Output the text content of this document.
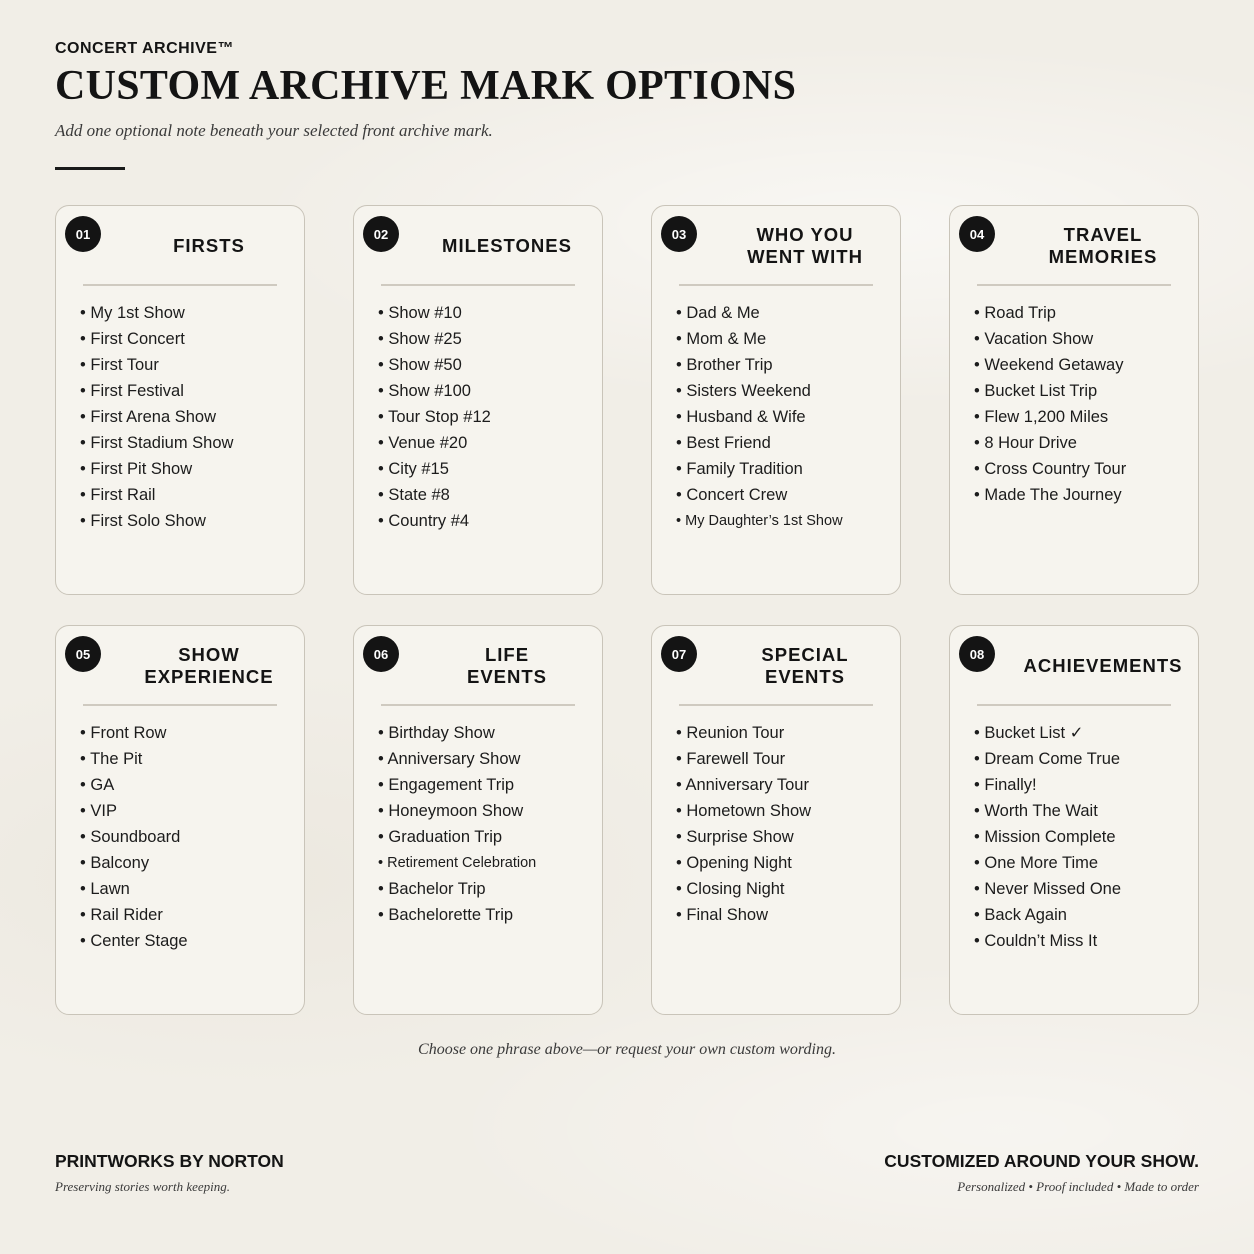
CONCERT ARCHIVE™
CUSTOM ARCHIVE MARK OPTIONS
Add one optional note beneath your selected front archive mark.
01
FIRSTS
• My 1st Show
• First Concert
• First Tour
• First Festival
• First Arena Show
• First Stadium Show
• First Pit Show
• First Rail
• First Solo Show
02
MILESTONES
• Show #10
• Show #25
• Show #50
• Show #100
• Tour Stop #12
• Venue #20
• City #15
• State #8
• Country #4
03	WHO YOU
WENT WITH
• Dad & Me
• Mom & Me
• Brother Trip
• Sisters Weekend
• Husband & Wife
• Best Friend
• Family Tradition
• Concert Crew
• My Daughter’s 1st Show
04	TRAVEL
MEMORIES
• Road Trip
• Vacation Show
• Weekend Getaway
• Bucket List Trip
• Flew 1,200 Miles
• 8 Hour Drive
• Cross Country Tour
• Made The Journey
05	SHOW
EXPERIENCE
• Front Row
• The Pit
• GA
• VIP
• Soundboard
• Balcony
• Lawn
• Rail Rider
• Center Stage
06	LIFE
EVENTS
• Birthday Show
• Anniversary Show
• Engagement Trip
• Honeymoon Show
• Graduation Trip
• Retirement Celebration
• Bachelor Trip
• Bachelorette Trip
07	SPECIAL
EVENTS
• Reunion Tour
• Farewell Tour
• Anniversary Tour
• Hometown Show
• Surprise Show
• Opening Night
• Closing Night
• Final Show
08
ACHIEVEMENTS
• Bucket List ✓
• Dream Come True
• Finally!
• Worth The Wait
• Mission Complete
• One More Time
• Never Missed One
• Back Again
• Couldn’t Miss It
Choose one phrase above—or request your own custom wording.
PRINTWORKS BY NORTON
Preserving stories worth keeping.
CUSTOMIZED AROUND YOUR SHOW.
Personalized • Proof included • Made to order
